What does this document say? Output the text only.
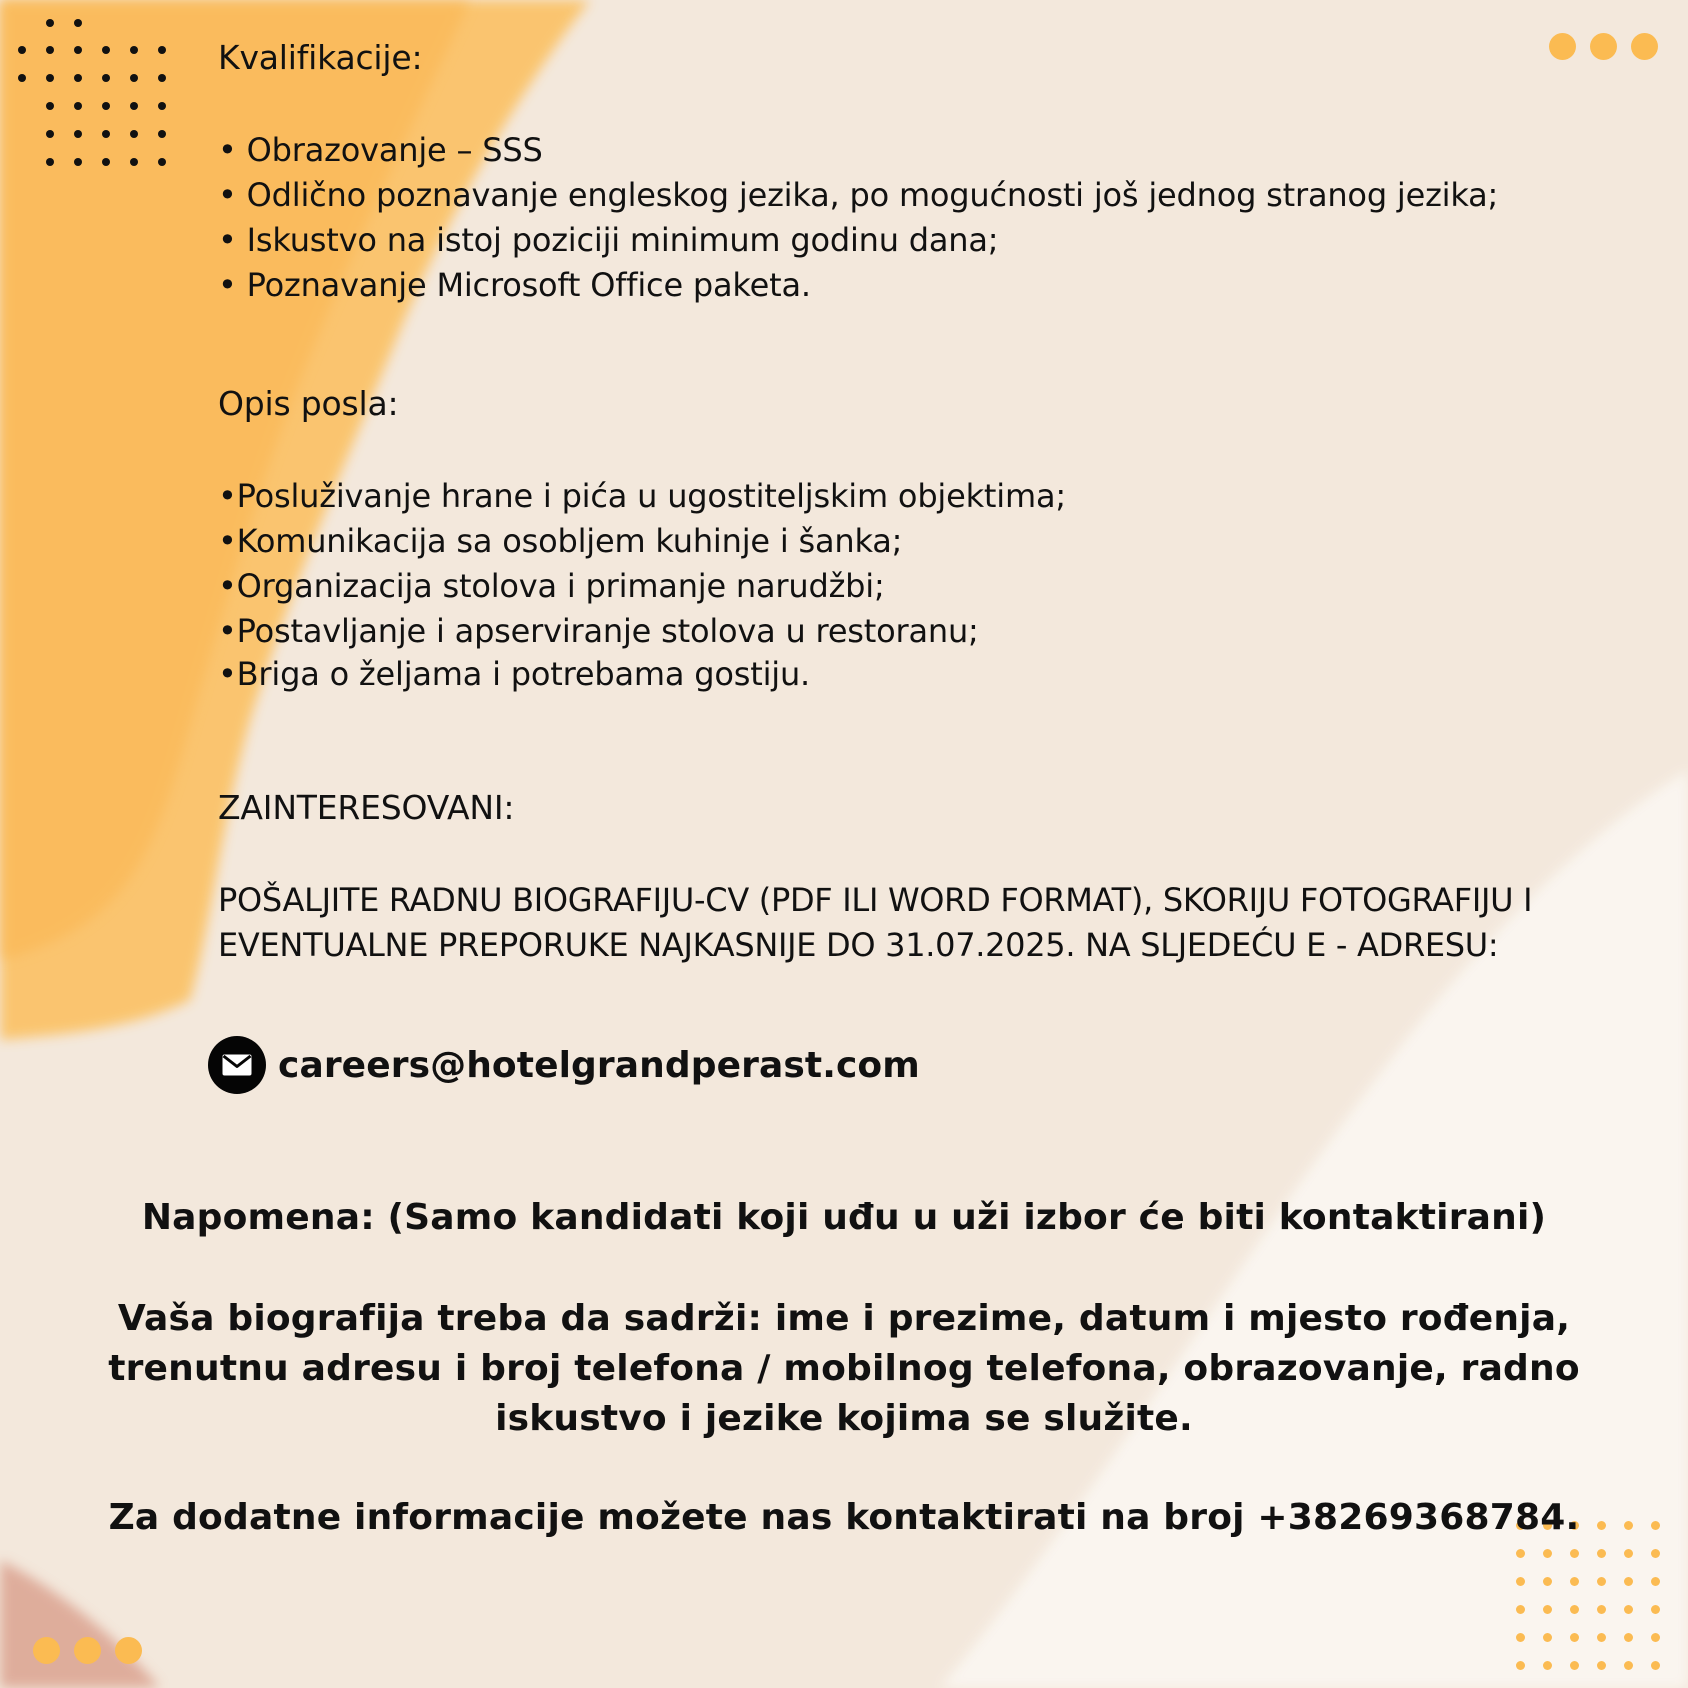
Kvalifikacije:
• Obrazovanje – SSS
• Odlično poznavanje engleskog jezika, po mogućnosti još jednog stranog jezika;
• Iskustvo na istoj poziciji minimum godinu dana;
• Poznavanje Microsoft Office paketa.
Opis posla:
•Posluživanje hrane i pića u ugostiteljskim objektima;
•Komunikacija sa osobljem kuhinje i šanka;
•Organizacija stolova i primanje narudžbi;
•Postavljanje i apserviranje stolova u restoranu;
•Briga o željama i potrebama gostiju.
ZAINTERESOVANI:

POŠALJITE RADNU BIOGRAFIJU-CV (PDF ILI WORD FORMAT), SKORIJU FOTOGRAFIJU I EVENTUALNE PREPORUKE NAJKASNIJE DO 31.07.2025. NA SLJEDEĆU E - ADRESU:

careers@hotelgrandperast.com

Napomena: (Samo kandidati koji uđu u uži izbor će biti kontaktirani)

Vaša biografija treba da sadrži: ime i prezime, datum i mjesto rođenja, trenutnu adresu i broj telefona / mobilnog telefona, obrazovanje, radno iskustvo i jezike kojima se služite.

Za dodatne informacije možete nas kontaktirati na broj +38269368784.
